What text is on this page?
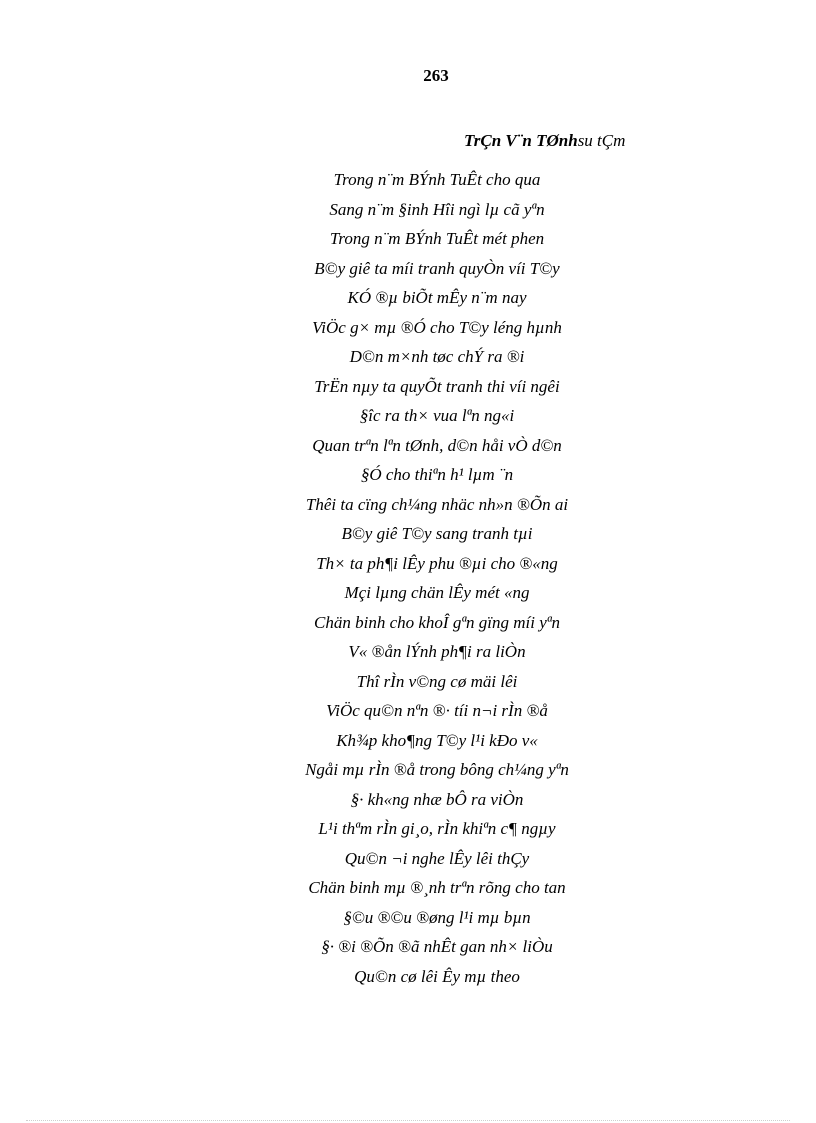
263
TrÇn V¨n TØnhsu tÇm
Trong n¨m BÝnh TuÊt cho qua
Sang n¨m §inh Hîi ngì lµ cã yªn
Trong n¨m BÝnh TuÊt mét phen
B©y giê ta míi tranh quyÒn víi T©y
KÓ ®µ biÕt mÊy n¨m nay
ViÖc g× mµ ®Ó cho T©y léng hµnh
D©n m×nh tøc chÝ ra ®i
TrËn nµy ta quyÕt tranh thi víi ngêi
§îc ra th× vua lªn ng«i
Quan trªn lªn tØnh, d©n håi vÒ d©n
§Ó cho thiªn h¹ lµm ¨n
Thêi ta cïng ch¼ng nhäc nh»n ®Õn ai
B©y giê T©y sang tranh tµi
Th× ta ph¶i lÊy phu ®µi cho ®«ng
Mçi lµng chän lÊy mét «ng
Chän binh cho khoÎ gªn gïng míi yªn
V« ®ån lÝnh ph¶i ra liÒn
Thî rÌn v©ng cø mäi lêi
ViÖc qu©n nªn ®· tíi n¬i rÌn ®å
Kh¾p kho¶ng T©y l¹i kÐo v«
Ngåi mµ rÌn ®å trong bông ch¼ng yªn
§· kh«ng nhæ bÔ ra viÒn
L¹i thªm rÌn gi¸o, rÌn khiªn c¶ ngµy
Qu©n ¬i nghe lÊy lêi thÇy
Chän binh mµ ®¸nh trªn rõng cho tan
§©u ®©u ®øng l¹i mµ bµn
§· ®i ®Õn ®ã nhÊt gan nh× liÒu
Qu©n cø lêi Êy mµ theo
